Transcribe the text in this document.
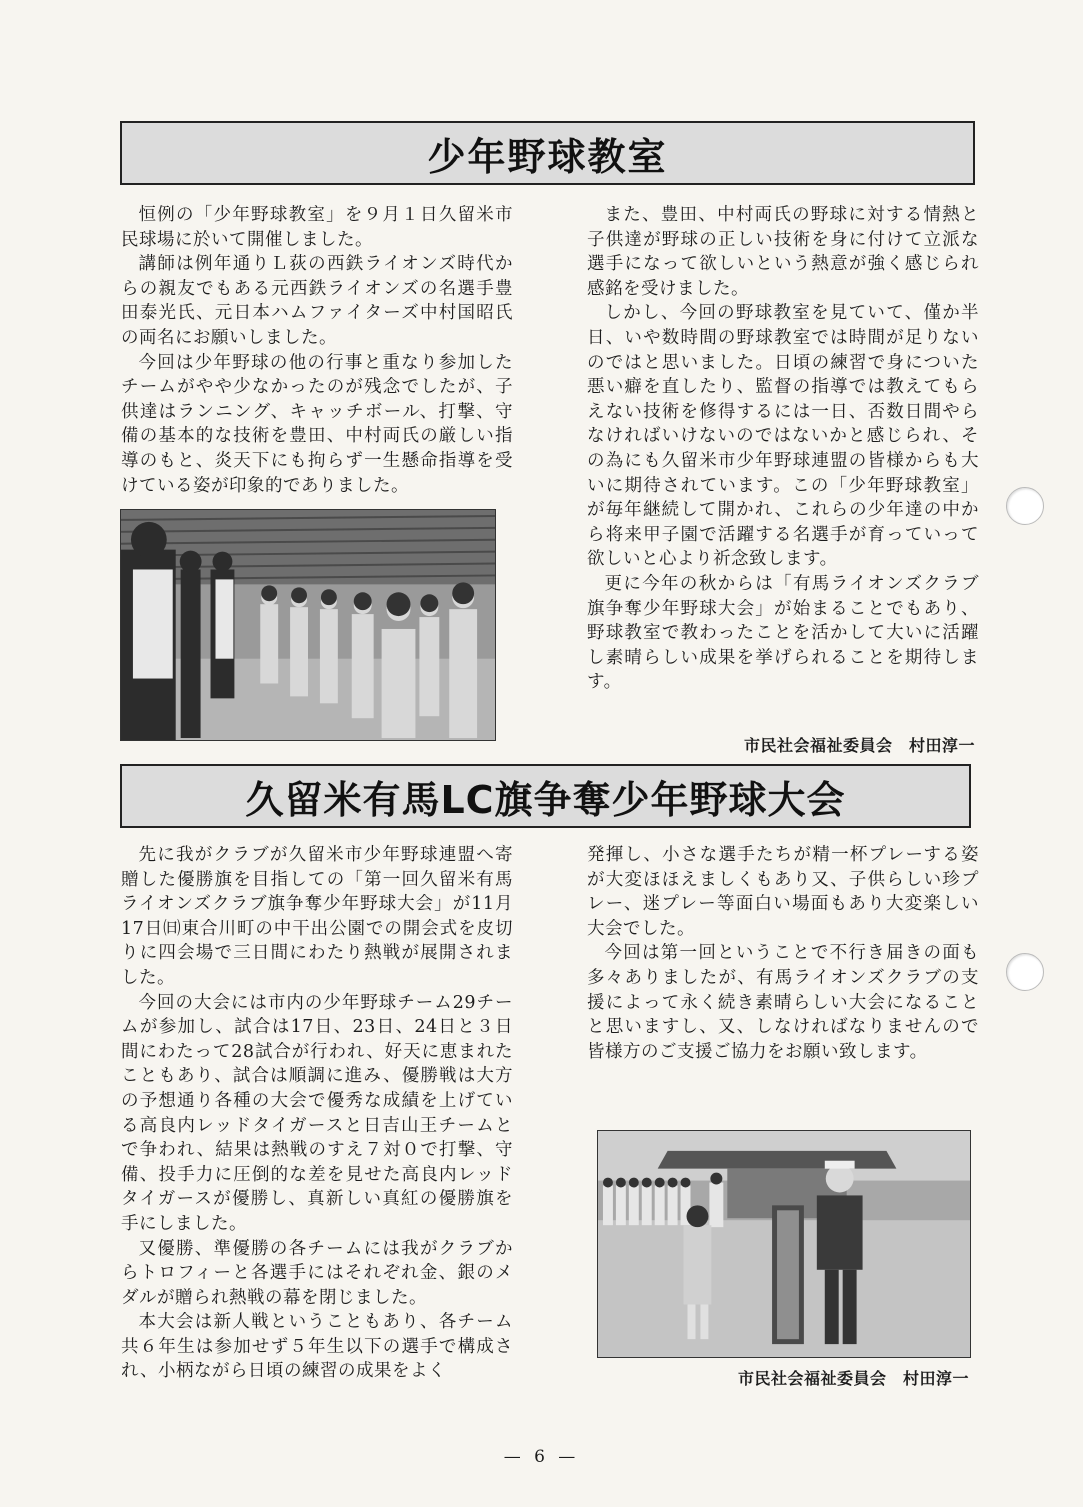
少年野球教室

恒例の「少年野球教室」を９月１日久留米市民球場に於いて開催しました。

講師は例年通りＬ荻の西鉄ライオンズ時代からの親友でもある元西鉄ライオンズの名選手豊田泰光氏、元日本ハムファイターズ中村国昭氏の両名にお願いしました。

今回は少年野球の他の行事と重なり参加したチームがやや少なかったのが残念でしたが、子供達はランニング、キャッチボール、打撃、守備の基本的な技術を豊田、中村両氏の厳しい指導のもと、炎天下にも拘らず一生懸命指導を受けている姿が印象的でありました。

また、豊田、中村両氏の野球に対する情熱と子供達が野球の正しい技術を身に付けて立派な選手になって欲しいという熱意が強く感じられ感銘を受けました。

しかし、今回の野球教室を見ていて、僅か半日、いや数時間の野球教室では時間が足りないのではと思いました。日頃の練習で身についた悪い癖を直したり、監督の指導では教えてもらえない技術を修得するには一日、否数日間やらなければいけないのではないかと感じられ、その為にも久留米市少年野球連盟の皆様からも大いに期待されています。この「少年野球教室」が毎年継続して開かれ、これらの少年達の中から将来甲子園で活躍する名選手が育っていって欲しいと心より祈念致します。

更に今年の秋からは「有馬ライオンズクラブ旗争奪少年野球大会」が始まることでもあり、野球教室で教わったことを活かして大いに活躍し素晴らしい成果を挙げられることを期待します。

市民社会福祉委員会　村田淳一
久留米有馬LC旗争奪少年野球大会

先に我がクラブが久留米市少年野球連盟へ寄贈した優勝旗を目指しての「第一回久留米有馬ライオンズクラブ旗争奪少年野球大会」が11月17日㈰東合川町の中干出公園での開会式を皮切りに四会場で三日間にわたり熱戦が展開されました。

今回の大会には市内の少年野球チーム29チームが参加し、試合は17日、23日、24日と３日間にわたって28試合が行われ、好天に恵まれたこともあり、試合は順調に進み、優勝戦は大方の予想通り各種の大会で優秀な成績を上げている高良内レッドタイガースと日吉山王チームとで争われ、結果は熱戦のすえ７対０で打撃、守備、投手力に圧倒的な差を見せた高良内レッドタイガースが優勝し、真新しい真紅の優勝旗を手にしました。

又優勝、準優勝の各チームには我がクラブからトロフィーと各選手にはそれぞれ金、銀のメダルが贈られ熱戦の幕を閉じました。

本大会は新人戦ということもあり、各チーム共６年生は参加せず５年生以下の選手で構成され、小柄ながら日頃の練習の成果をよく

発揮し、小さな選手たちが精一杯プレーする姿が大変ほほえましくもあり又、子供らしい珍プレー、迷プレー等面白い場面もあり大変楽しい大会でした。

今回は第一回ということで不行き届きの面も多々ありましたが、有馬ライオンズクラブの支援によって永く続き素晴らしい大会になることと思いますし、又、しなければなりませんので皆様方のご支援ご協力をお願い致します。

市民社会福祉委員会　村田淳一
— 6 —
